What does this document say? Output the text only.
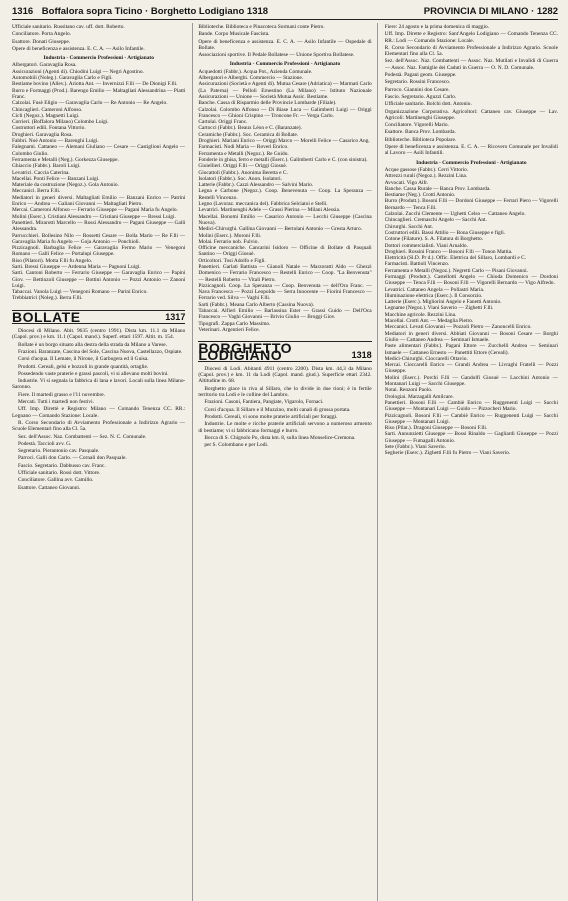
1316 Boffalora sopra Ticino · Borghetto Lodigiano 1318	PROVINCIA DI MILANO · 1282

Ufficiale sanitario. Russitano cav. uff. dott. Roberto.

Conciliatore. Porta Angelo.

Esattore. Donati Giuseppe.

Opere di beneficenza e assistenza. E. C. A. — Asilo Infantile.

Industria - Commercio Professioni - Artigianato

Albergatori. Garavaglia Rosa.

Assicurazioni (Agenti di). Chiodini Luigi — Negri Agostino.

Automobili (Noleg.). Garavaglia Carlo e Figli.

Bestiame bovino (Allev.). Ariotta Ant. — Invernizzi F.lli — De Dionigi F.lli.

Burro e Formaggi (Prod.). Barengo Emilio — Maltagliati Alessandrina — Piatti Franc.

Calzolai. Fusè Eligio — Garavaglia Carlo — Re Antonio — Re Angelo.

Chincaglieri. Cameroni Alfonso.

Cicli (Negoz.). Magnetti Luigi.

Corrieri. (Boffalora Milano) Colombo Luigi.

Costruttori edili. Fontana Vittorio.

Droghieri. Garavaglia Rosa.

Fabbri. Noè Antonio — Barenghi Luigi.

Falegnami. Cattaneo — Alemani Giuliano — Cesare — Castiglioni Angelo — Colombo Giulio.

Ferramenta e Metalli (Neg.). Gorkezza Giuseppe.

Ghiaccio (Fabbr.). Baroli Luigi.

Levatrici. Caccia Caterina.

Macellai. Ponti Felice — Banzani Luigi.

Materiale da costruzione (Negoz.). Gola Antonio.

Meccanici. Berra F.lli.

Mediatori in generi diversi. Maltagliati Emilio — Banzani Enrico — Patrini Enrico — Andrea — Galiani Giovanni — Maltagliati Pietro.

Mercai. Cameroni Alfonso — Ferrario Giuseppe — Pagani Maria fu Angelo.

Molini (Eserc.). Cristiani Alessandro — Cristiani Giuseppe — Bressi Luigi.

Panettieri. Mirarotti Marcello — Rossi Alessandro — Pagani Giuseppe — Galli Alessandra.

Parrucchieri. Bollesino Nilo — Rossetti Cesare — Bolla Mario — Re F.lli — Garavaglia Maria fu Angelo — Goja Antonio — Ponchioli.

Pizzicagnoli. Barbaglia Felice — Garavaglia Fermo Mario — Venegoni Romano — Galli Felice — Portalupi Giuseppe.

Riso (Pilatori). Motta F.lli fu Angelo.

Sarti. Bressi Giuseppe — Ardenna Maria — Pagnoni Luigi.

Sarti. Cantoni Roberto — Ferrario Giuseppe — Garavaglia Enrico — Papini Giov. — Bettinzoli Giuseppe — Bottini Antonio — Pozzi Antonio — Zanoni Luigi.

Tabaccai. Vanola Luigi — Venegoni Romano — Parini Enrico.

Trebbiatrici (Noleg.). Berra F.lli.

BOLLATE	1317

Diocesi di Milano. Abit. 9635 (centro 1991). Dista km. 11.1 da Milano (Capol. prov.) e km. 11.1 (Capol. mand.). Superf. ettari 1597. Altit. m. 154.

Bollate è un borgo situato alla destra della strada da Milano a Varese.

Frazioni. Baranzate, Cascina del Sole, Cascina Nuova, Castellazzo, Ospiate.

Corsi d'acqua. Il Lemate, il Nirone, il Garbogera ed il Guisa.

Prodotti. Cereali, gelsi e bozzoli in grande quantità, ortaglie.

Possedendo vaste praterie e grassi pascoli, vi si allevano molti bovini.

Industrie. Vi si segnala la fabbrica di lana e lavori. Locali sulla linea Milano-Saronno.

Fiere. Il martedì grasso e l'11 novembre.

Mercati. Tutti i martedì non festivi.

Uff. Imp. Direttè e Registro: Milano — Comando Tenenza CC. RR.: Legnano — Comando Stazione: Locale.

R. Corso Secondario di Avviamento Professionale a Indirizzo Agrario — Scuole Elementari fino alla Cl. 5a.

Sez. dell'Assoc. Naz. Combattenti — Sez. N. C. Comunale.

Podestà. Taccioli avv. G.

Segretario. Pierantonio cav. Pasquale.

Parroci. Galli don Carlo. — Cornali don Pasquale.

Fascio. Segretario. Dabbusso cav. Franc.

Ufficiale sanitario. Rossi dott. Vittore.

Conciliatore. Gallina avv. Camillo.

Esattore. Cattaneo Giovanni.

Biblioteche. Biblioteca e Pinacoteca Sormani conte Pietro.

Bande. Corpo Musicale Fascista.

Opere di beneficenza e assistenza. E. C. A. — Asilo Infantile — Ospedale di Bollate.

Associazioni sportive. Il Pedale Bollatese — Unione Sportiva Bollatese.

Industria - Commercio Professioni - Artigianato

Acquedotti (Fabbr.). Acqua Pot., Azienda Comunale.

Albergatori e Alberghi. Commercio — Stazione.

Assicurazioni (Società e Agenti di). Mutua Cesare (Adriatica) — Marmati Carlo (La Paterna) — Pelloli Ernestino (La Milano) — Istituto Nazionale Assicurazioni — Unione — Società Mutua Assic. Bestiame.

Banche. Cassa di Risparmio delle Provincie Lombarde (Filiale).

Calzolai. Colombo Alfonso — Di Biase Luca — Galimberti Luigi — Origgi Francesco — Ghioni Crispino — Troncone Fr. — Verga Carlo.

Cartolai. Origgi Franc.

Cartocci (Fabbr.). Beaux Léon e C. (Baranzate).

Ceramiche (Fabbr.). Soc. Ceramica di Bollate.

Droghieri. Mariani Enrico — Origgi Marco — Morelli Felice — Casarico Ang.

Farmacisti. Nodi Maria — Roveri Enrico.

Ferramenta e Metalli (Negoz.). Re Guido.

Fonderie in ghisa, ferro e metalli (Eserc.). Galimberti Carlo e C. (con sinistra).

Gioiellieri. Origgi F.lli — Origgi Giosuè.

Giocattoli (Fabbr.). Anonima Beretta e C.

Isolatori (Fabbr.). Soc. Anon. Isolatori.

Latterie (Fabbr.). Cazzi Alessandro — Salvini Mario.

Legna e Carbone (Negoz.). Coop. Benevenuta — Coop. La Speranza — Restelli Vincenzo.

Legno (Lavoraz. meccanica del). Fabbrica Selciatoi e Stelli.

Levatrici. Martinenghi Adele — Grassi Pierina — Milani Alessia.

Macellai. Bonomi Emilio — Casarico Antonio — Lecchi Giuseppe (Cascina Nuova).

Medici-Chirurghi. Gallina Giovanni — Bertolani Antonio — Gresta Arturo.

Molini (Eserc.). Moroni F.lli.

Molai. Ferrario nob. Fulvio.

Officine meccaniche. Cancarini Isidoro — Officine di Bollate di Pasquali Santino — Origgi Giosuè.

Orticoltori. Tosi Adolfo e Figli.

Panettieri. Garlati Battista — Gianoli Natale — Marzoratti Aldo — Ghezzi Domenico — Ferrario Francesco — Restelli Enrico — Coop. "La Benvenuta" — Restelli Roberto — Vitali Pietro.

Pizzicagnoli. Coop. La Speranza — Coop. Benvenuta — dell'Ora Franc. — Nava Francesca — Pozzi Leopoldo — Serra Innocente — Fiorini Francesco — Ferrario ved. Silva — Vaghi F.lli.

Sarti (Fabbr.). Meana Carlo Alberto (Cassina Nuova).

Tabaccai. Alfieri Emilio — Barlassina Ester — Grassi Guido — Dell'Oca Francesco — Vaghi Giovanni — Brivio Giulio — Broggi Giov.

Tipografi. Zappa Carlo Massimo.

Veterinari. Argentieri Felice.

BORGHETTO LODIGIANO	1318

Diocesi di Lodi. Abitanti 4911 (centro 2200). Dista km. 44,3 da Milano (Capol. prov.) e km. 11 da Lodi (Capol. mand. giud.). Superficie ettari 2342. Altitudine m. 68.

Borghetto giace in riva al Sillaro, che lo divide in due rioni; è in fertile territorio tra Lodi e le colline del Lambro.

Frazioni. Casoni, Fantiera, Pangiate, Vigarolo, Fornaci.

Corsi d'acqua. Il Sillaro e il Muzzino, molti canali di grossa portata.

Prodotti. Cereali, vi sono molte praterie artificiali per foraggi.

Industrie. Le molte e ricche praterie artificiali servono a numeroso armento di bestiame; vi si fabbricano formaggi e burro.

Bocca di S. Chignolo Po, dista km. 8, sulla linea Monselice-Cremona.

per S. Colombano e per Lodi.

Fiere: 24 agosto e la prima domenica di maggio.

Uff. Imp. Dirette e Registro: Sant'Angelo Lodigiano — Comando Tenenza CC. RR.: Lodi — Comando Stazione: Locale.

R. Corso Secondario di Avviamento Professionale a Indirizzo Agrario. Scuole Elementari fino alla Cl. 5a.

Sez. dell'Assoc. Naz. Combattenti — Assoc. Naz. Mutilati e Invalidi di Guerra — Assoc. Naz. Famiglie dei Caduti in Guerra — O. N. D. Comunale.

Podestà. Pagani geom. Giuseppe.

Segretario. Rossini Francesco.

Parroco. Giannini don Cesare.

Fascio. Segretario. Aguzzi Carlo.

Ufficiale sanitario. Bolchi dott. Antonio.

Organizzazione Corporativa. Agricoltori: Cattaneo cav. Giuseppe — Lav. Agricoli: Martinenghi Giuseppe.

Conciliatore. Vigorelli Mario.

Esattore. Banca Prov. Lombarda.

Biblioteche. Biblioteca Popolare.

Opere di beneficenza e assistenza. E. C. A. — Ricovero Comunale per Invalidi al Lavoro — Asili Infantili.

Industria - Commercio Professioni - Artigianato

Acque gassose (Fabbr.). Cerri Vittorio.

Attrezzi rurali (Negoz.). Rezzini Lina.

Avvocati. Vigo Alfr.

Banche. Cassa Rurale — Banca Prov. Lombarda.

Bestiame (Neg.). Crotti Antonio.

Burro (Produtt.). Bosoni F.lli — Dordoni Giuseppe — Ferrari Piero — Vigorelli Bernardo — Tenca F.lli.

Calzolai. Zucchi Clemente — Ughetti Celso — Cattaneo Angelo.

Chincaglieri. Cremaschi Angelo — Sacchi Ant.

Chirurghi. Sacchi Ant.

Costruttori edili. Bassi Attilio — Bona Giuseppe e figli.

Cotone (Filature). S. A. Filatura di Borghetto.

Dottori commercialisti. Viani Arnaldo.

Droghieri. Rossini Franco — Bosoni F.lli — Tonon Mattia.

Elettricità (Sl.D. Pr d.). Offic. Elettrica del Sillaro, Lombardi e C.

Farmacisti. Battioli Vincenzo.

Ferramenta e Metalli (Negoz.). Negretti Carlo — Pisani Giovanni.

Formaggi (Produtt.). Castellotti Angelo — Chioda Domenico — Dordoni Giuseppe — Tenca F.lli — Bosoni F.lli — Vigorelli Bernardo — Vigo Alfredo.

Levatrici. Cattaneo Angela — Pollastri Maria.

Illuminazione elettrica (Eserc.). Il Consorzio.

Latterie (Eserc.). Migliorini Angelo e Fanetti Antonio.

Legname (Negoz.). Viani Saverio — Zighetti F.lli.

Macchine agricole. Rezzini Lina.

Macellai. Crotti Ant. — Medaglia Pietro.

Meccanici. Levati Giovanni — Pozzoli Pietro — Zanoncelli Enrico.

Mediatori in generi diversi. Abbiati Giovanni — Bosoni Cesare — Borghi Giulio — Cattaneo Andrea — Seminari Ismaele.

Paste alimentari (Fabbr.). Pagani Ettore — Zucchelli Andrea — Seminari Ismaele — Cattaneo Ernesto — Panettiti Ettore (Cereali).

Medici-Chirurghi. Cioccarelli Ottavio.

Mercai. Cioccarelli Enrico — Grandi Andrea — Livraghi Fratelli — Pozzi Giuseppe.

Molini (Eserc.). Porchi F.lli — Gandolfi Giosuè — Lacchini Antonio — Montanari Luigi — Sacchi Giuseppe.

Notai. Renzoni Paolo.

Orologiai. Marzagalli Amilcare.

Panettieri. Bosoni F.lli — Cambiè Enrico — Ruggenenti Luigi — Sacchi Giuseppe — Montanari Luigi — Guido — Pizzocheri Mario.

Pizzicagnoli. Bosoni F.lli — Cambiè Enrico — Ruggenenti Luigi — Sacchi Giuseppe — Montanari Luigi.

Riso (Pilat.). Dragoni Giuseppe — Bosoni F.lli.

Sarti. Annunzietti Giuseppe — Bossi Rinaldo — Gagliardi Giuseppe — Pozzi Giuseppe — Fumagalli Antonio.

Sete (Fabbr.). Viani Saverio.

Segherie (Eserc.). Zighetti F.lli fu Pietro — Viani Saverio.
